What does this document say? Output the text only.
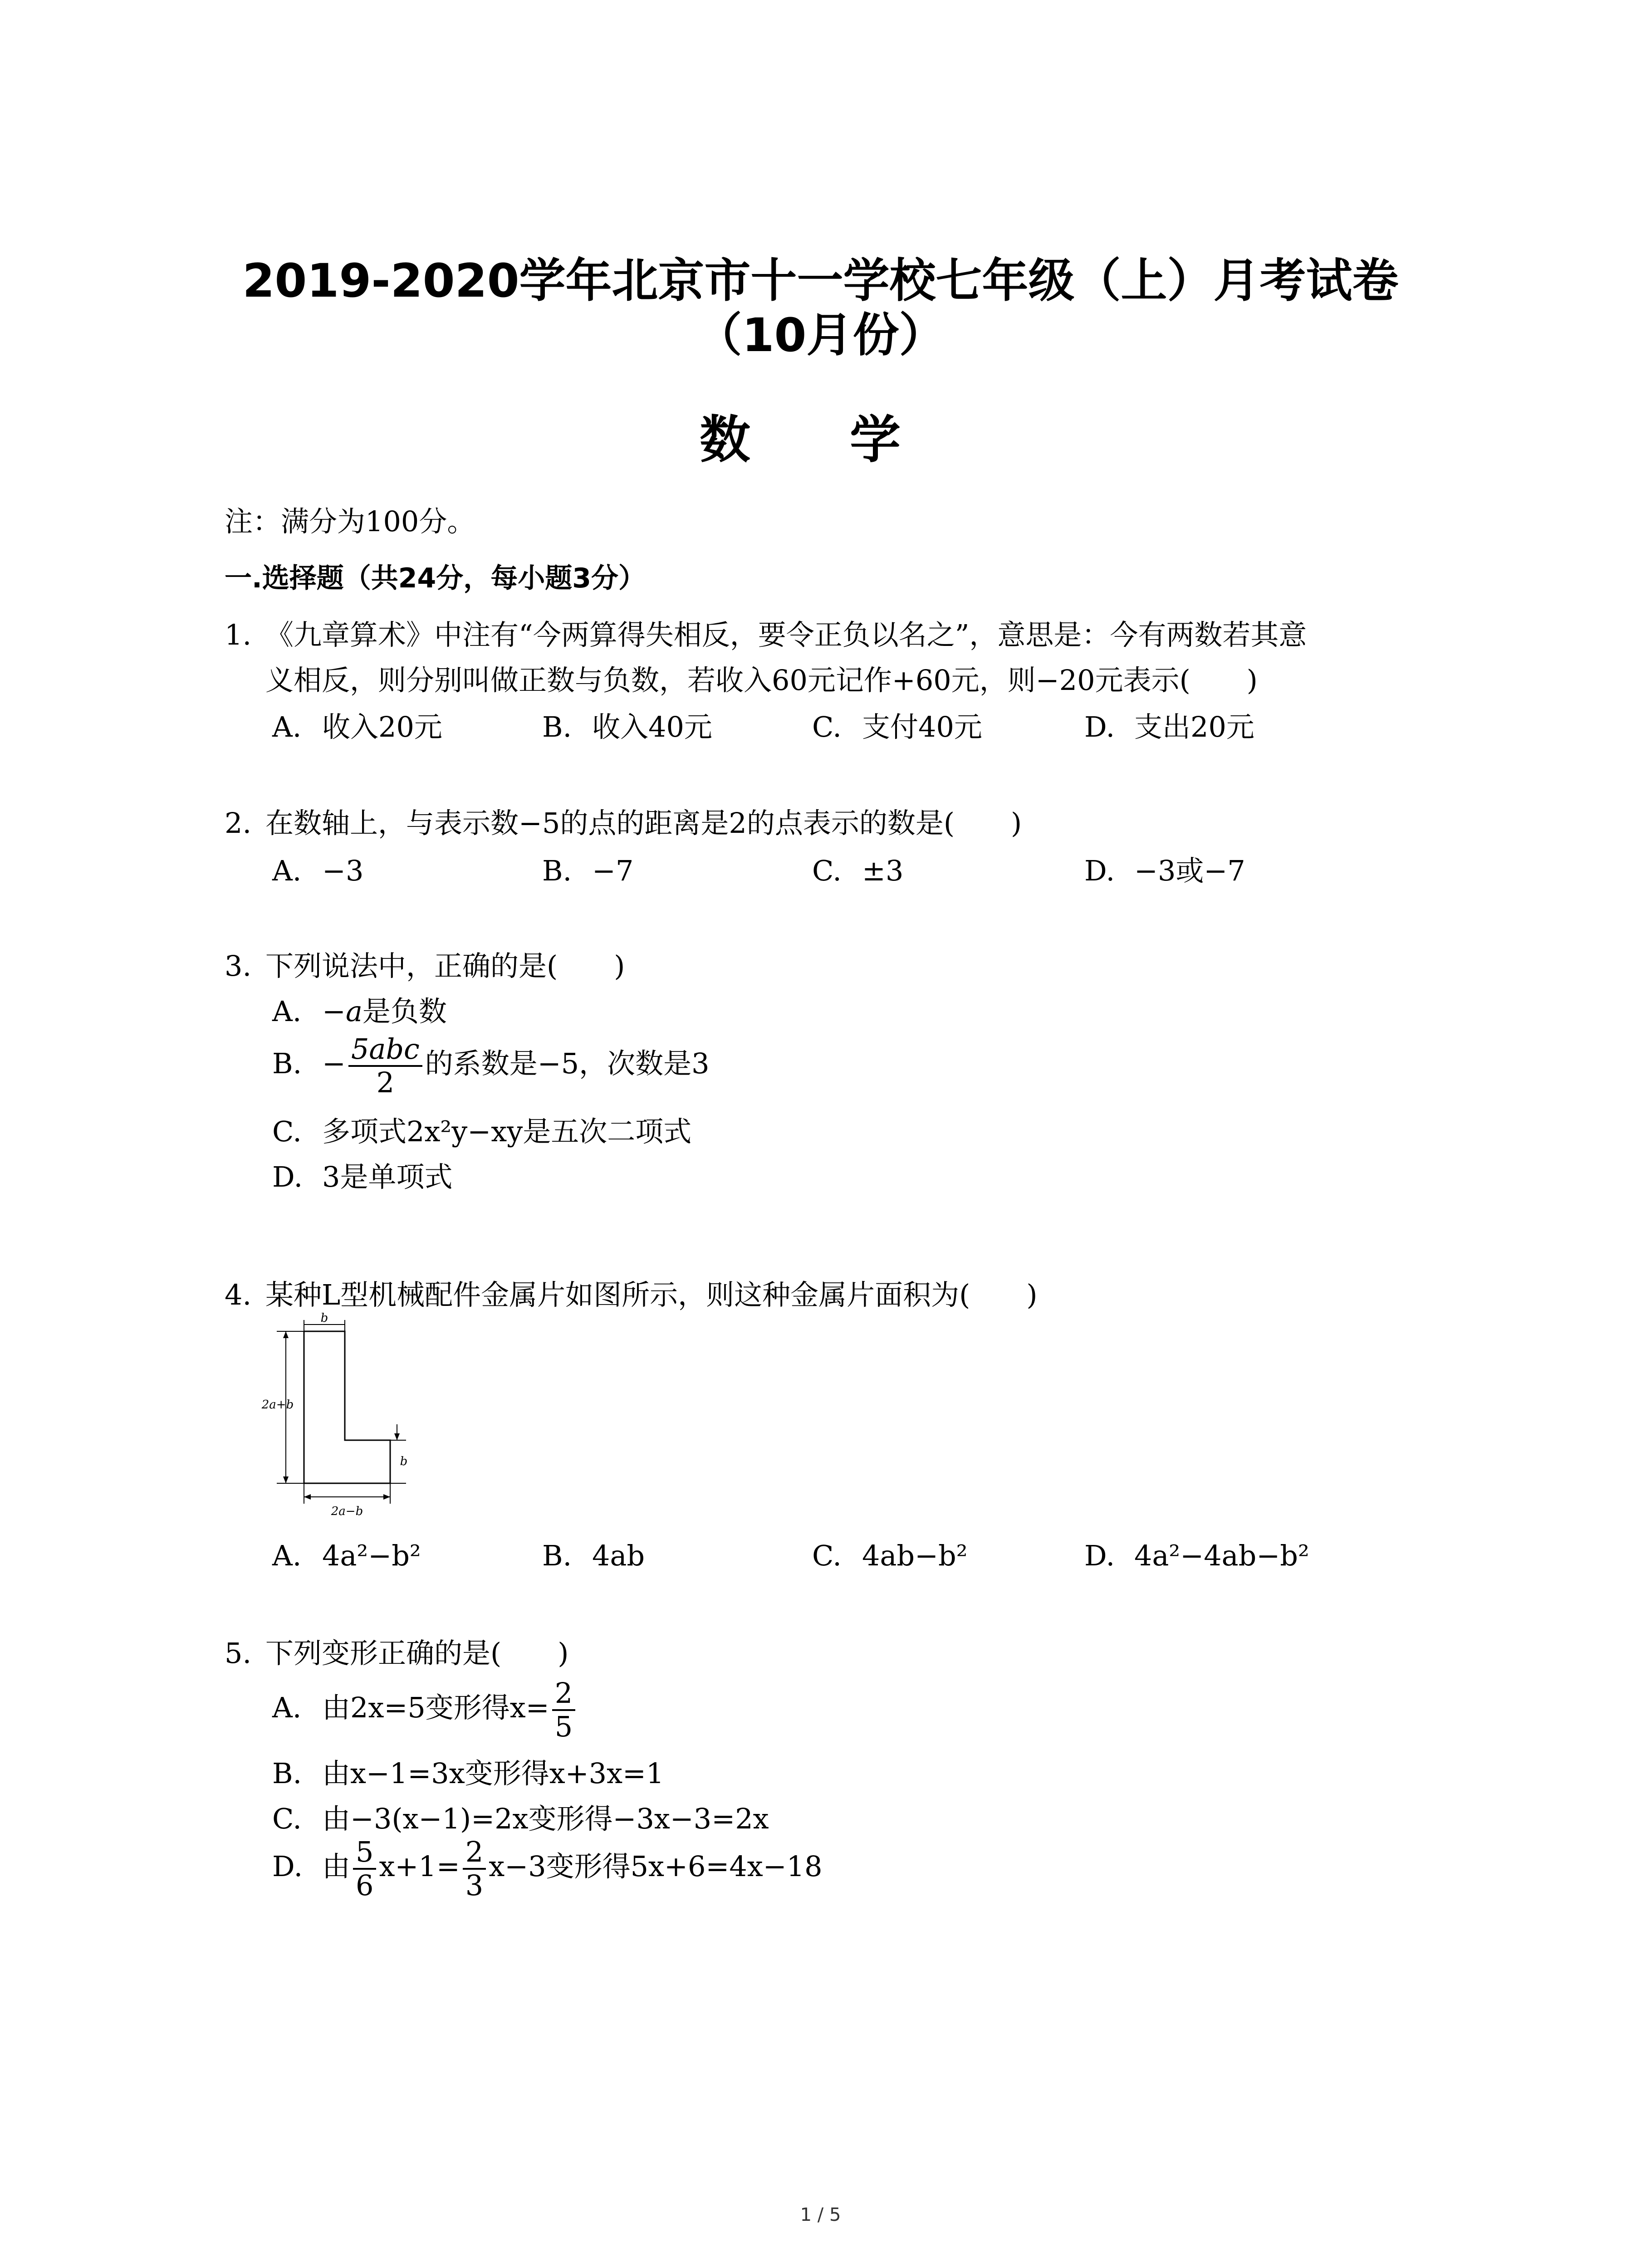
2019-2020学年北京市十一学校七年级（上）月考试卷
（10月份）
数 学
注：满分为100分。
一.选择题（共24分，每小题3分）
1. 《九章算术》中注有“今两算得失相反，要令正负以名之”，意思是：今有两数若其意
义相反，则分别叫做正数与负数，若收入60元记作+60元，则−20元表示(　　)
A. 收入20元	B. 收入40元	C. 支付40元	D. 支出20元
2. 在数轴上，与表示数−5的点的距离是2的点表示的数是(　　)
A. −3	B. −7	C. ±3	D. −3或−7
3. 下列说法中，正确的是(　　)
A. −a是负数
B. − $\frac{\text{5abc}}{2}$ 的系数是−5，次数是3
C. 多项式2x²y−xy是五次二项式
D. 3是单项式
4. 某种L型机械配件金属片如图所示，则这种金属片面积为(　　)
b
2a+b
b
2a−b
A. 4a²−b²	B. 4ab	C. 4ab−b²	D. 4a²−4ab−b²
5. 下列变形正确的是(　　)
A. 由2x=5变形得$x= \frac{2}{5}$
B. 由x−1=3x变形得x+3x=1
C. 由−3(x−1)=2x变形得−3x−3=2x
D. 由 $\frac{5}{6} x+1= \frac{2}{3} x-3$变形得5x+6=4x−18
1 / 5
